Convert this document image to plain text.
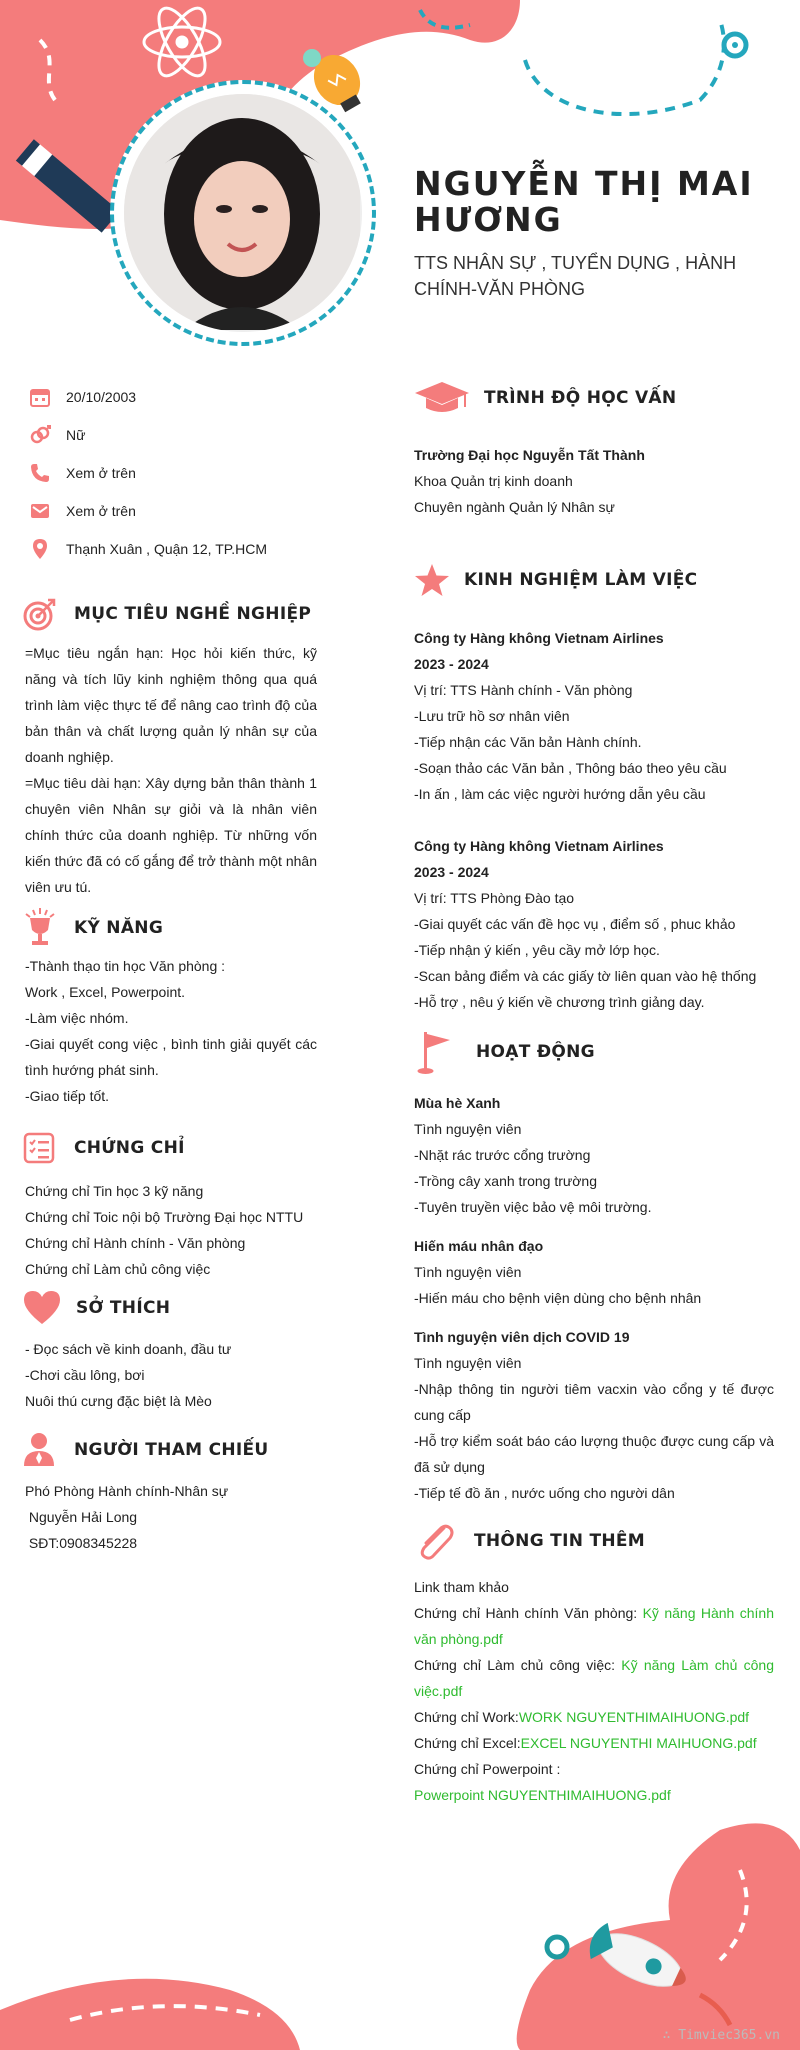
NGUYỄN THỊ MAI HƯƠNG
TTS NHÂN SỰ , TUYỂN DỤNG , HÀNH CHÍNH-VĂN PHÒNG
20/10/2003
Nữ
Xem ở trên
Xem ở trên
Thạnh Xuân , Quận 12, TP.HCM
MỤC TIÊU NGHỀ NGHIỆP
=Mục tiêu ngắn hạn: Học hỏi kiến thức, kỹ năng và tích lũy kinh nghiệm thông qua quá trình làm việc thực tế để nâng cao trình độ của bản thân và chất lượng quản lý nhân sự của doanh nghiệp.
=Mục tiêu dài hạn: Xây dựng bản thân thành 1 chuyên viên Nhân sự giỏi và là nhân viên chính thức của doanh nghiệp. Từ những vốn kiến thức đã có cố gắng để trở thành một nhân viên ưu tú.
KỸ NĂNG
-Thành thạo tin học Văn phòng :
Work , Excel, Powerpoint.
-Làm việc nhóm.
-Giai quyết cong việc , bình tinh giải quyết các tình hướng phát sinh.
-Giao tiếp tốt.
CHỨNG CHỈ
Chứng chỉ Tin học 3 kỹ năng
Chứng chỉ Toic nội bộ Trường Đại học NTTU
Chứng chỉ Hành chính - Văn phòng
Chứng chỉ Làm chủ công việc
SỞ THÍCH
- Đọc sách về kinh doanh, đầu tư
-Chơi cầu lông, bơi
Nuôi thú cưng đặc biệt là Mèo
NGƯỜI THAM CHIẾU
Phó Phòng Hành chính-Nhân sự
Nguyễn Hải Long
SĐT:0908345228
TRÌNH ĐỘ HỌC VẤN
Trường Đại học Nguyễn Tất Thành
Khoa Quản trị kinh doanh
Chuyên ngành Quản lý Nhân sự
KINH NGHIỆM LÀM VIỆC
Công ty Hàng không Vietnam Airlines
2023 - 2024
Vị trí: TTS Hành chính - Văn phòng
-Lưu trữ hồ sơ nhân viên
-Tiếp nhận các Văn bản Hành chính.
-Soạn thảo các Văn bản , Thông báo theo yêu cầu
-In ấn , làm các việc người hướng dẫn yêu cầu
Công ty Hàng không Vietnam Airlines
2023 - 2024
Vị trí: TTS Phòng Đào tạo
-Giai quyết các vấn đề học vụ , điểm số , phuc khảo
-Tiếp nhận ý kiến , yêu cầy mở lớp học.
-Scan bảng điểm và các giấy tờ liên quan vào hệ thống
-Hỗ trợ , nêu ý kiến về chương trình giảng day.
HOẠT ĐỘNG
Mùa hè Xanh
Tình nguyện viên
-Nhặt rác trước cổng trường
-Trồng cây xanh trong trường
-Tuyên truyền việc bảo vệ môi trường.
Hiến máu nhân đạo
Tình nguyện viên
-Hiến máu cho bệnh viện dùng cho bệnh nhân
Tình nguyện viên dịch COVID 19
Tình nguyện viên
-Nhập thông tin người tiêm vacxin vào cổng y tế được cung cấp
-Hỗ trợ kiểm soát báo cáo lượng thuộc được cung cấp và đã sử dụng
-Tiếp tế đồ ăn , nước uống cho người dân
THÔNG TIN THÊM
Link tham khảo
Chứng chỉ Hành chính Văn phòng: Kỹ năng Hành chính văn phòng.pdf
Chứng chỉ Làm chủ công việc: Kỹ năng Làm chủ công việc.pdf
Chứng chỉ Work:WORK NGUYENTHIMAIHUONG.pdf
Chứng chỉ Excel:EXCEL NGUYENTHI MAIHUONG.pdf
Chứng chỉ Powerpoint :
Powerpoint NGUYENTHIMAIHUONG.pdf
∴ Timviec365.vn
